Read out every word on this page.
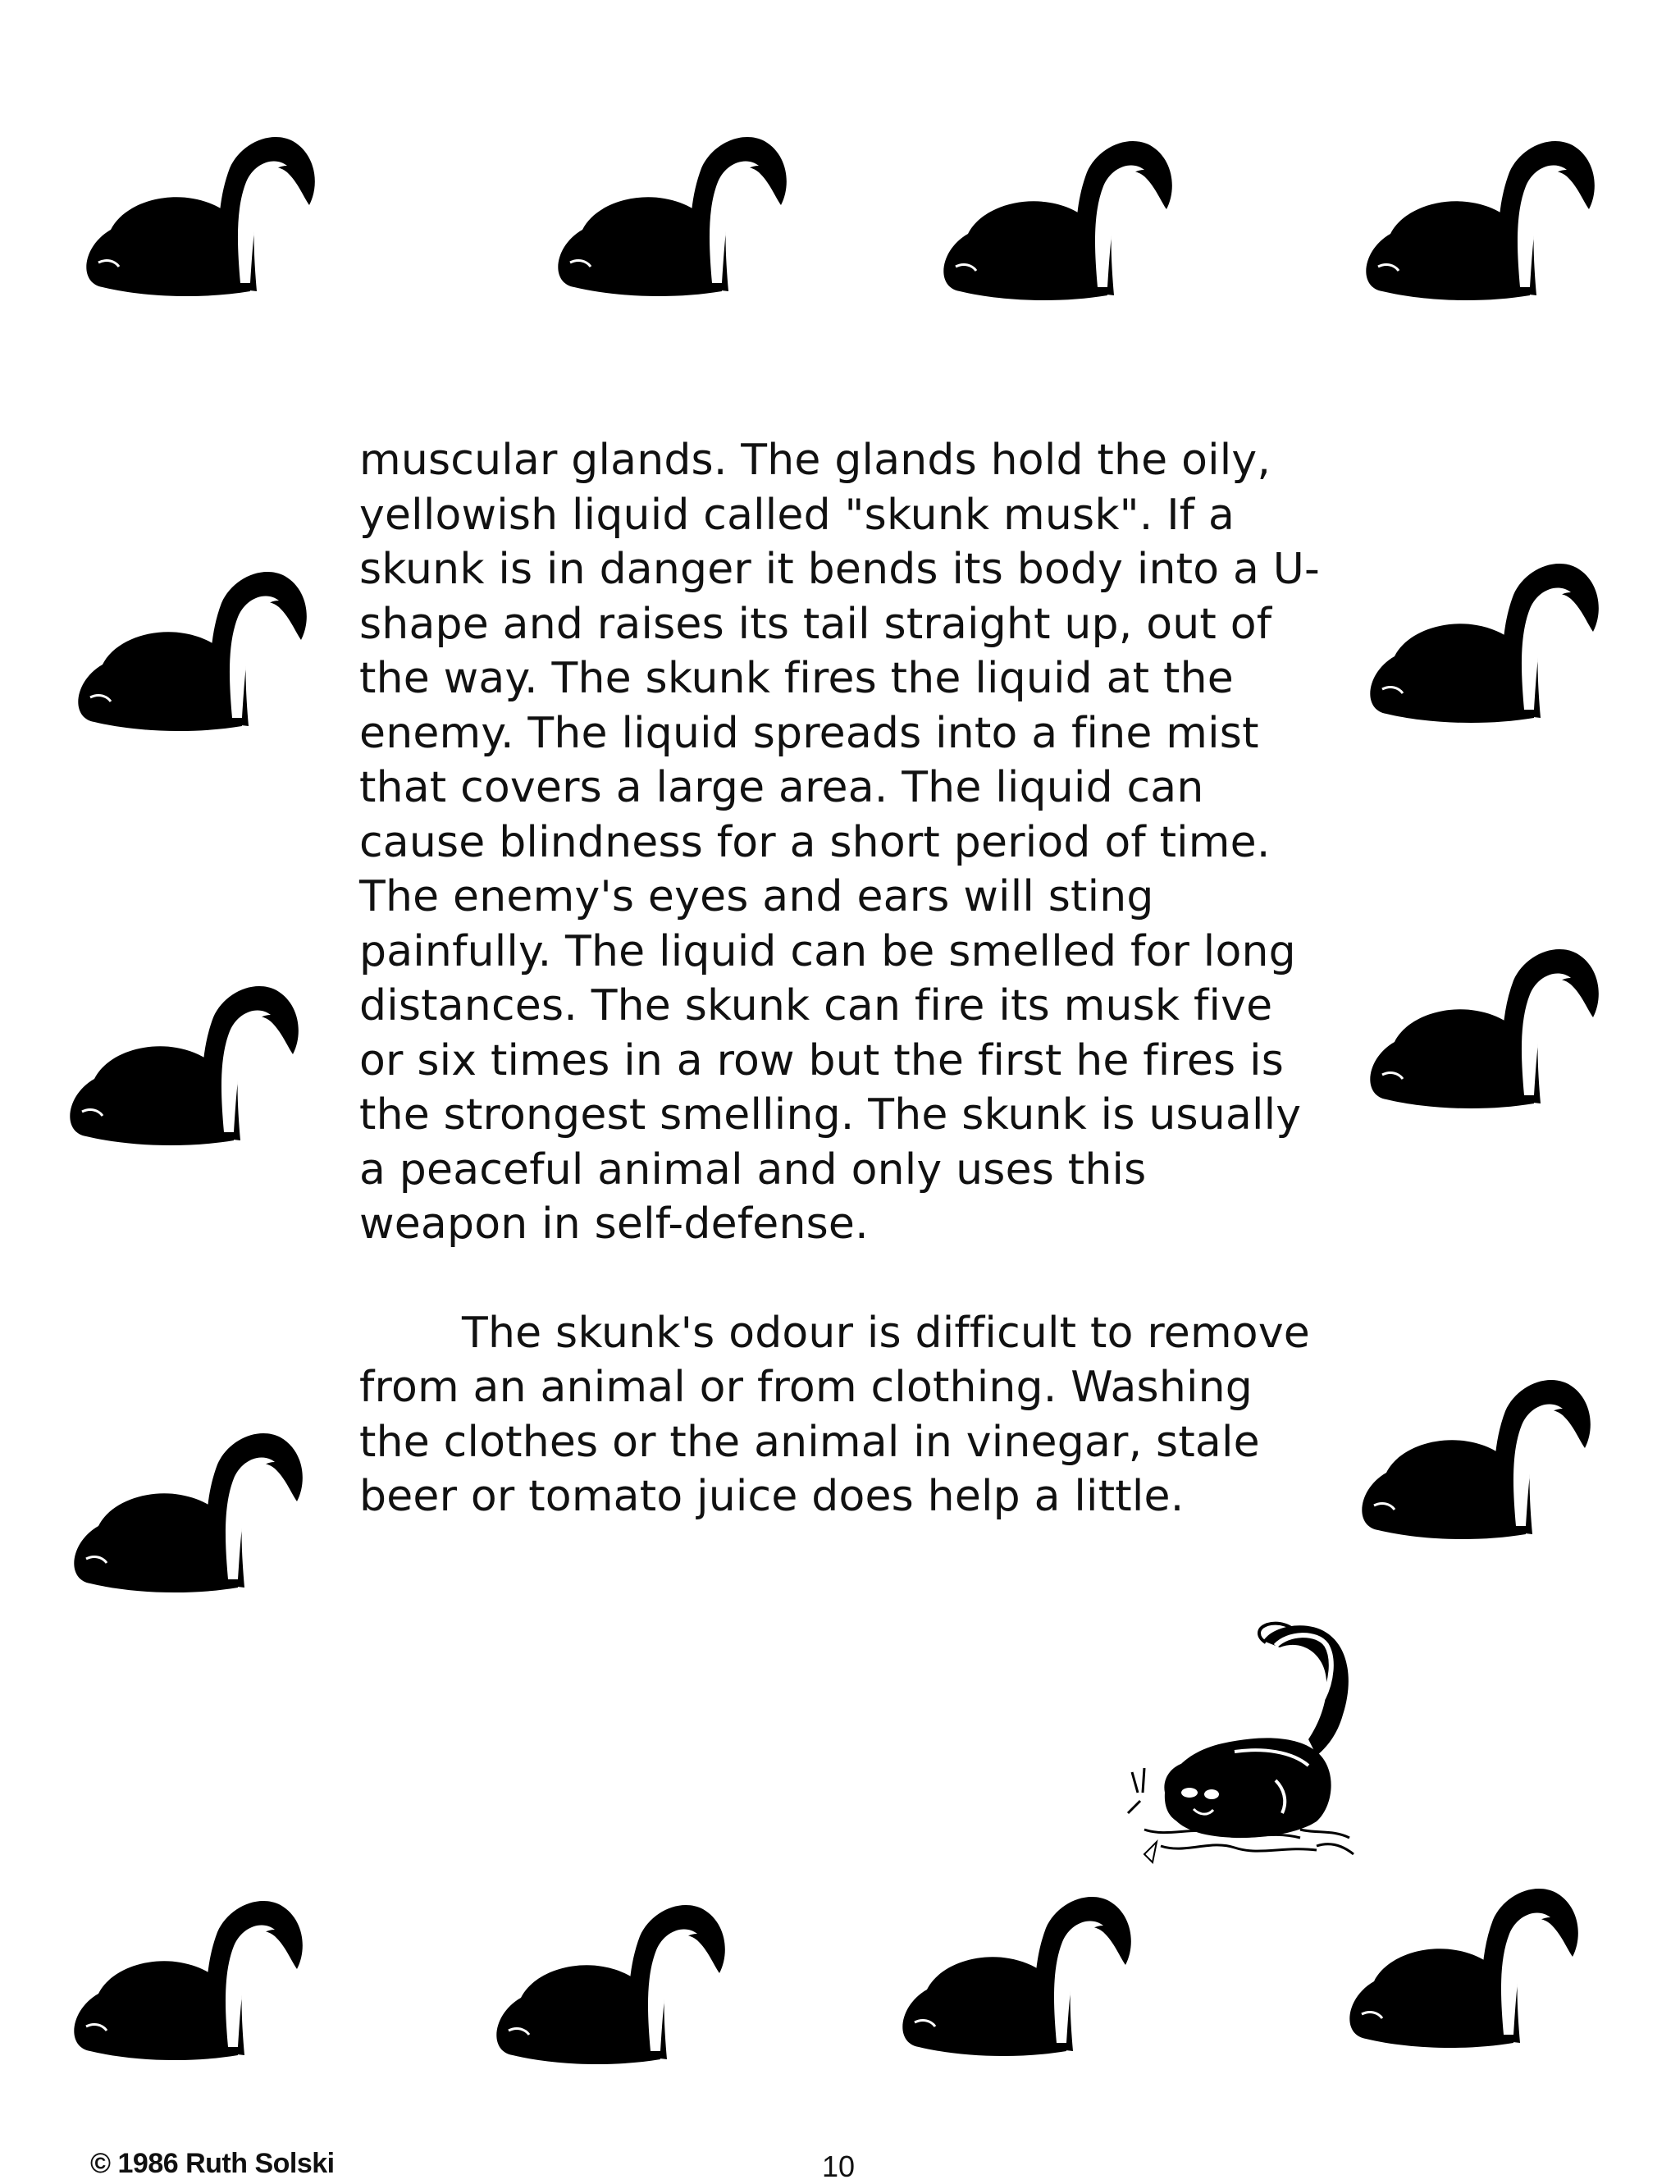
muscular glands. The glands hold the oily, yellowish liquid called "skunk musk". If a skunk is in danger it bends its body into a U-shape and raises its tail straight up, out of the way. The skunk fires the liquid at the enemy. The liquid spreads into a fine mist that covers a large area. The liquid can cause blindness for a short period of time. The enemy's eyes and ears will sting painfully. The liquid can be smelled for long distances. The skunk can fire its musk five or six times in a row but the first he fires is the strongest smelling. The skunk is usually a peaceful animal and only uses this weapon in self-defense.

The skunk's odour is difficult to remove from an animal or from clothing. Washing the clothes or the animal in vinegar, stale beer or tomato juice does help a little.

© 1986 Ruth Solski	10
